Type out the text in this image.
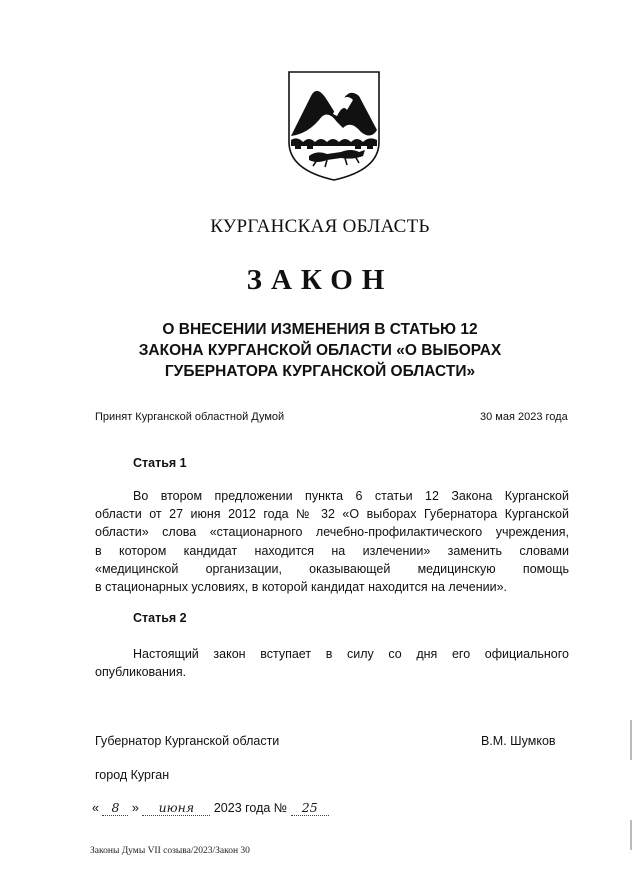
КУРГАНСКАЯ ОБЛАСТЬ
ЗАКОН
О ВНЕСЕНИИ ИЗМЕНЕНИЯ В СТАТЬЮ 12
ЗАКОНА КУРГАНСКОЙ ОБЛАСТИ «О ВЫБОРАХ
ГУБЕРНАТОРА КУРГАНСКОЙ ОБЛАСТИ»
Принят Курганской областной Думой	30 мая 2023 года
Статья 1
Во втором предложении пункта 6 статьи 12 Закона Курганской
области от 27 июня 2012 года № 32 «О выборах Губернатора Курганской
области» слова «стационарного лечебно-профилактического учреждения,
в котором кандидат находится на излечении» заменить словами
«медицинской организации, оказывающей медицинскую помощь
в стационарных условиях, в которой кандидат находится на лечении».
Статья 2
Настоящий закон вступает в силу со дня его официального
опубликования.
Губернатор Курганской области	В.М. Шумков
город Курган
« 8 » июня 2023 года № 25
Законы Думы VII созыва/2023/Закон 30
